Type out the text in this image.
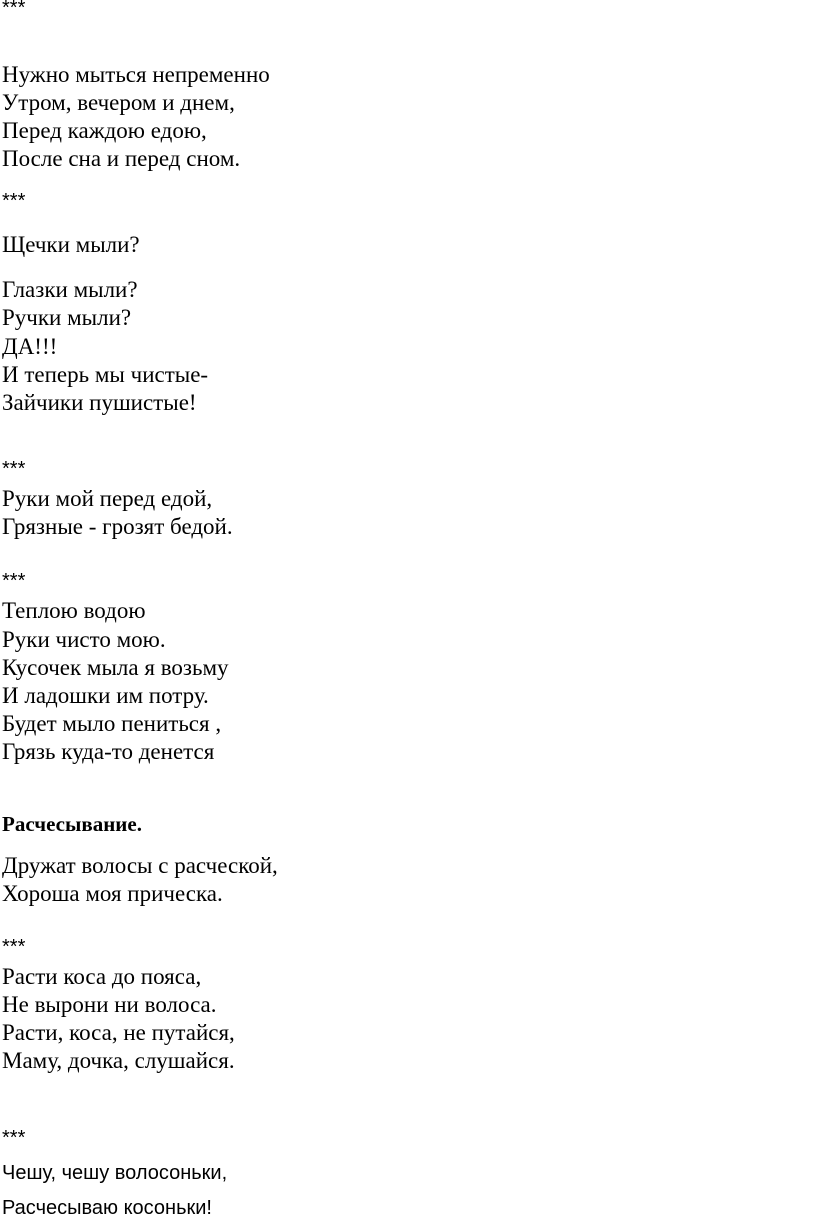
***
Нужно мыться непременно
Утром, вечером и днем,
Перед каждою едою,
После сна и перед сном.
***
Щечки мыли?
Глазки мыли?
Ручки мыли?
ДА!!!
И теперь мы чистые-
Зайчики пушистые!
***
Руки мой перед едой,
Грязные - грозят бедой.
***
Теплою водою
Руки чисто мою.
Кусочек мыла я возьму
И ладошки им потру.
Будет мыло пениться ,
Грязь куда-то денется
Расчесывание.
Дружат волосы с расческой,
Хороша моя прическа.
***
Расти коса до пояса,
Не вырони ни волоса.
Расти, коса, не путайся,
Маму, дочка, слушайся.
***
Чешу, чешу волосоньки,
Расчесываю косоньки!
